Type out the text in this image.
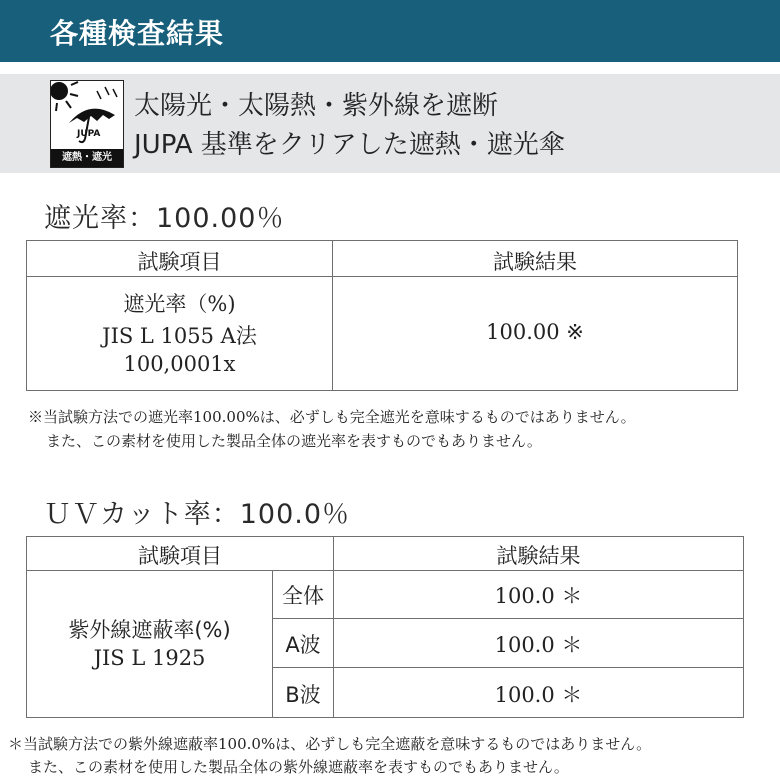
各種検査結果
JUPA
遮熱・遮光
太陽光・太陽熱・紫外線を遮断
JUPA 基準をクリアした遮熱・遮光傘
遮光率：100.00％
試験項目	試験結果
遮光率（%)
JIS L 1055 A法
100,0001x
100.00 ※
※当試験方法での遮光率100.00%は、必ずしも完全遮光を意味するものではありません。
また、この素材を使用した製品全体の遮光率を表すものでもありません。
ＵＶカット率：100.0％
試験項目	試験結果
紫外線遮蔽率(%)
JIS L 1925
全体
A波
B波
100.0 ＊
100.0 ＊
100.0 ＊
＊当試験方法での紫外線遮蔽率100.0%は、必ずしも完全遮蔽を意味するものではありません。
また、この素材を使用した製品全体の紫外線遮蔽率を表すものでもありません。
